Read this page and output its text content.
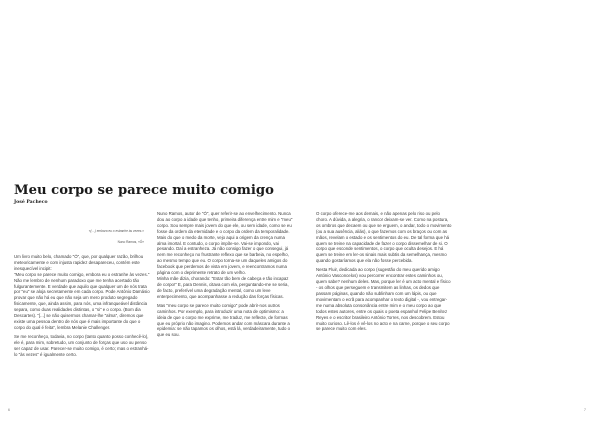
Meu corpo se parece muito comigo
José Pacheco
«(…) embora eu o estranhe às vezes.»
Nuno Ramos, «Ó»

Um livro muito belo, chamado "Ó", que, por qualquer razão, brilhou meteoricamente e com injusta rapidez desapareceu, contém este inesquecível incipit:
"Meu corpo se parece muito comigo, embora eu o estranhe às vezes."
Não me lembro de nenhum paradoxo que me tenha acertado tão fulgurantemente. E verdade que aquilo que qualquer um de nós trata por "eu" se aloja secretamente em cada corpo. Pode António Damásio provar que não há eu que não seja um mero produto segregado fisicamente, que, ainda assim, para nós, uma infranqueável distância separa, como duas realidades distintas, o "si" e o corpo. (Bom dia Descartes). "[...] se não quisermos chamar-lhe "alma", diremos que existe uma pessoa dentro de nós que é mais importante do que o corpo do qual é feita", lembra Melanie Challenger.

Se me reconheço, todavia, no corpo (tanto quanto posso conhecê-lo), ele é, para mim, sobretudo, um conjunto de forças que uso ou penso ser capaz de usar. Parecer-se muito comigo, é certo; mas o estranhá-lo "às vezes" é igualmente certo.

Nuno Ramos, autor de "Ó", quer referir-se ao envelhecimento. Nunca dou ao corpo a idade que tenho, primeira diferença entre mim e "meu" corpo. Sou sempre mais jovem do que ele, ou sem idade, como se eu fosse da ordem da eternidade e o corpo da ordem da temporalidade. Mais do que o medo da morte, vejo aqui a origem da crença numa alma imortal. E contudo, o corpo impõe-se. Vai-se impondo, vai pesando. Daí a estranheza. Já não consigo fazer o que consegui, já nem me reconheço no frustrante reflexo que se barbeia, no espelho, ao mesmo tempo que eu. O corpo torna-se um daqueles amigos do facebook que perdemos de vista em jovem, e reencontramos numa página com o deprimente retrato de um velho.
Minha mãe dizia, chorando: "Estar tão bem de cabeça e tão incapaz de corpo!" E, para Dennis, citava com ela, perguntando-me se seria, de facto, preferível uma degradação mental, como um leve enterpecimento, que acompanhasse a redução das forças físicas.

Mas "meu corpo se parece muito comigo" pode abrir-nos outros caminhos. Por exemplo, para introduzir uma nota de optimismo: a ideia de que o corpo me exprime, me traduz, me reflecte, de formas que eu próprio não imagino. Podemos andar com máscara durante a epidemia: se não tapamos os olhos, está lá, verdadeiramente, tudo o que eu sou.

O corpo oferece-me aos demais, e não apenas pelo riso ou pelo choro. A dúvida, a alegria, o rancor deixam-se ver. Como na postura, os ombros que decaem ou que se erguem, o andar, todo o movimento (ou a sua ausência, aliás), o que fazemos com os braços ou com as mãos, revelam o estado e os sentimentos do eu. De tal forma que há quem se treine na capacidade de fazer o corpo dissemelhar de si. O corpo que esconde sentimentos, o corpo que oculta desejos. E há quem se treine em ler-os sinais mais subtis da semelhança, mesmo quando gostaríamos que ela não fosse percebida.

Nesta Fluir, dedicada ao corpo (sugestão do meu querido amigo António Vasconcelos) vou percorrer encontrar estes caminhos ou, quem sabe? nenhum deles. Mas, porque ler é um acto mental e físico - os olhos que perseguem e transmitem as linhas, os dedos que passam páginas, quando não sublinham com um lápis, ou que movimentam o ecrã para acompanhar o texto digital -, vou entregar-me numa absoluta consonância entre mim e o meu corpo ao que todos estes autores, entre os quais o poeta espanhol Felipe Benítez Reyes e o escritor brasileiro António Torres, nos descobrem. Estou muito curioso. Lê-los é vê-los no acto e na carne, porque o seu corpo se parece muito com eles.

6	7
